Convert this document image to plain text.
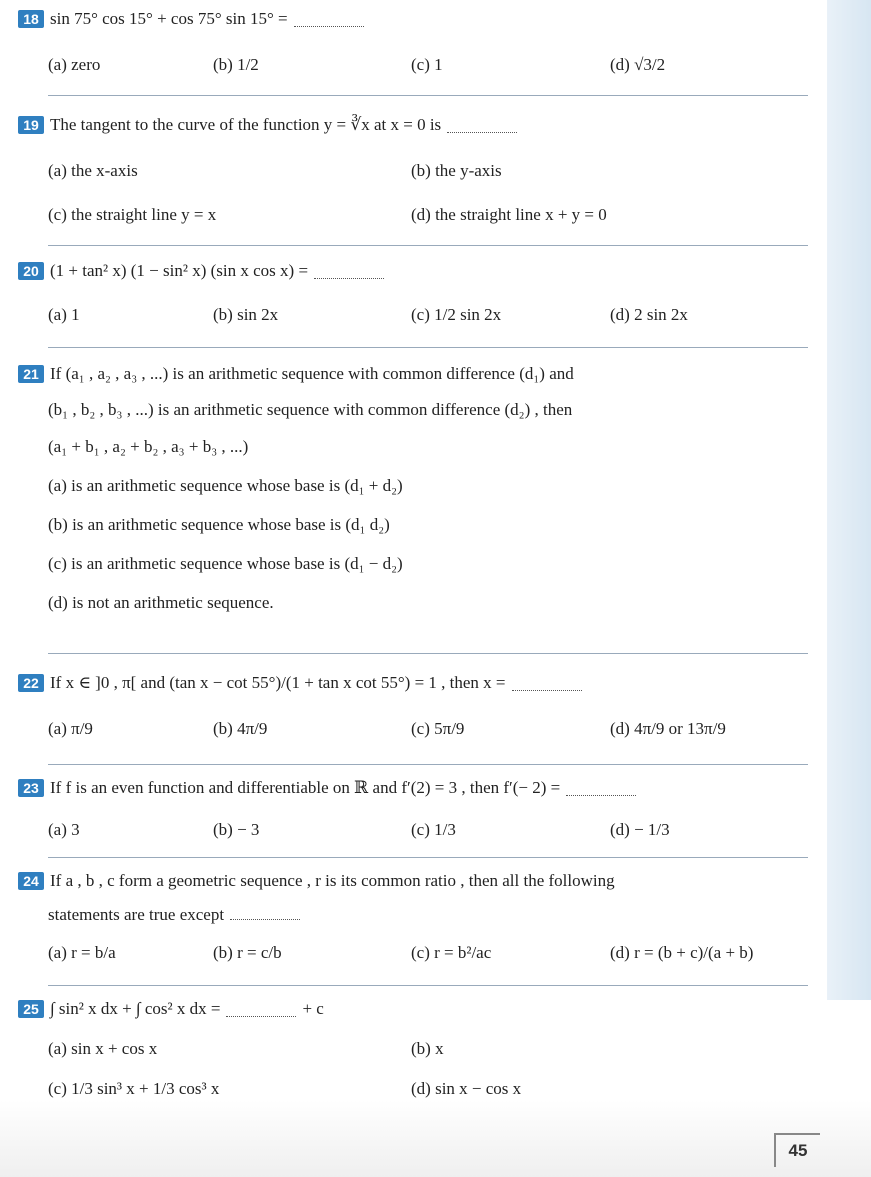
18 sin 75° cos 15° + cos 75° sin 15° =
(a) zero	(b) 1/2	(c) 1	(d) √3/2
19 The tangent to the curve of the function y = ∛x at x = 0 is
(a) the x-axis	(b) the y-axis
(c) the straight line y = x	(d) the straight line x + y = 0
20 (1 + tan² x) (1 − sin² x) (sin x cos x) =
(a) 1	(b) sin 2x	(c) 1/2 sin 2x	(d) 2 sin 2x
21 If (a₁ , a₂ , a₃ , ...) is an arithmetic sequence with common difference (d₁) and
(b₁ , b₂ , b₃ , ...) is an arithmetic sequence with common difference (d₂) , then
(a₁ + b₁ , a₂ + b₂ , a₃ + b₃ , ...)
(a) is an arithmetic sequence whose base is (d₁ + d₂)
(b) is an arithmetic sequence whose base is (d₁ d₂)
(c) is an arithmetic sequence whose base is (d₁ − d₂)
(d) is not an arithmetic sequence.
22 If x ∈ ]0 , π[ and (tan x − cot 55°)/(1 + tan x cot 55°) = 1 , then x =
(a) π/9	(b) 4π/9	(c) 5π/9	(d) 4π/9 or 13π/9
23 If f is an even function and differentiable on ℝ and f′(2) = 3 , then f′(− 2) =
(a) 3	(b) − 3	(c) 1/3	(d) − 1/3
24 If a , b , c form a geometric sequence , r is its common ratio , then all the following
statements are true except
(a) r = b/a	(b) r = c/b	(c) r = b²/ac	(d) r = (b + c)/(a + b)
25 ∫ sin² x dx + ∫ cos² x dx =	+ c
(a) sin x + cos x	(b) x
(c) 1/3 sin³ x + 1/3 cos³ x	(d) sin x − cos x
45
